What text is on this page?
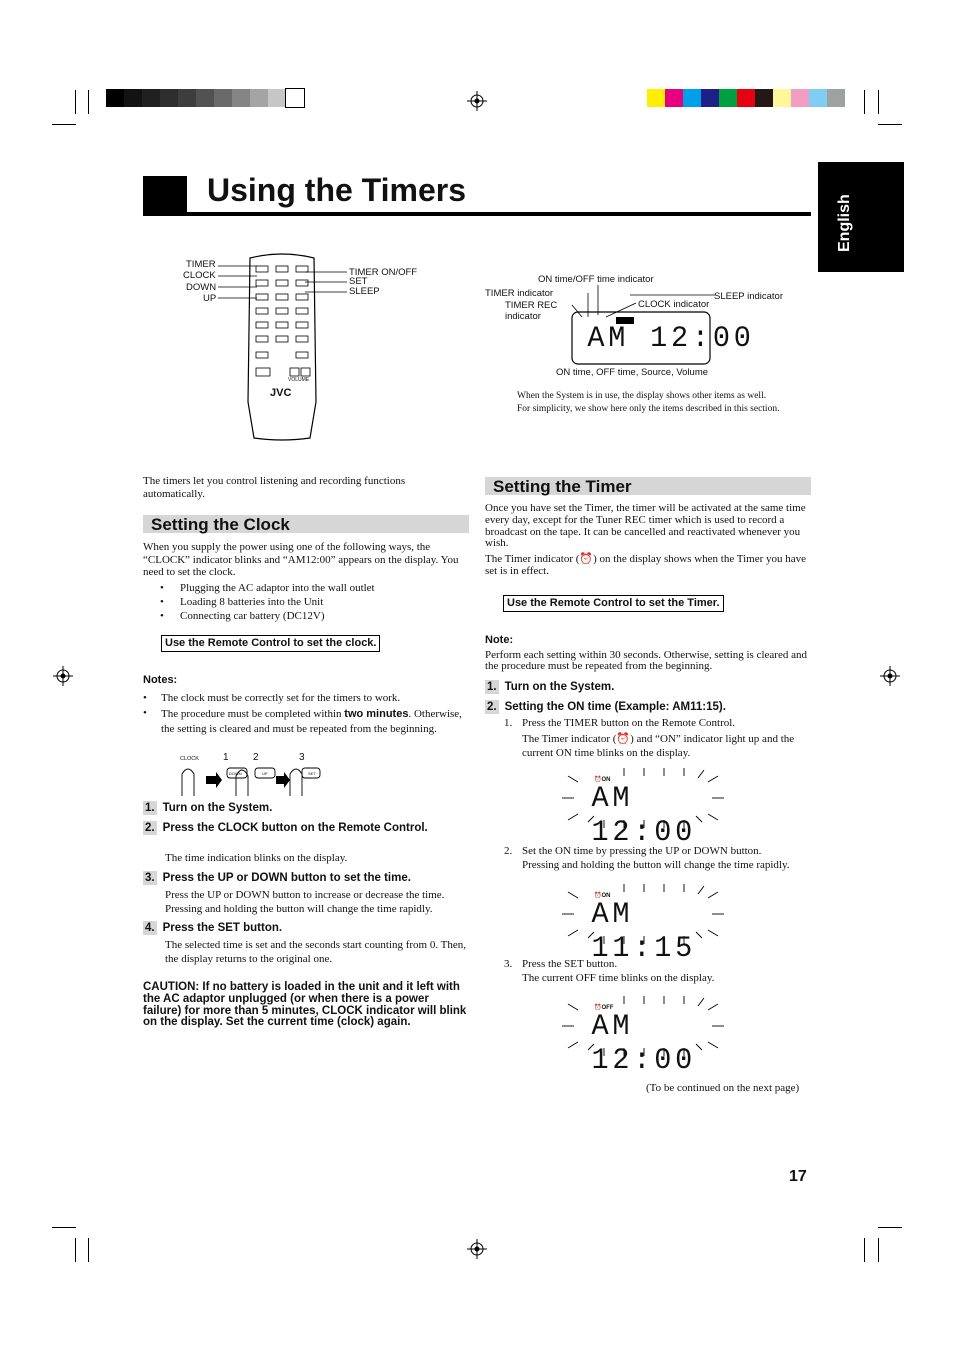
Using the Timers
English
JVC
VOLUME
TIMER
CLOCK
DOWN
UP
TIMER ON/OFF
SET
SLEEP
ON time/OFF time indicator
TIMER indicator
TIMER REC
indicator
CLOCK indicator
SLEEP indicator
AM 12:00
ON time, OFF time, Source, Volume
When the System is in use, the display shows other items as well.
For simplicity, we show here only the items described in this section.
The timers let you control listening and recording functions automatically.
Setting the Clock
When you supply the power using one of the following ways, the “CLOCK” indicator blinks and “AM12:00” appears on the display. You need to set the clock.
• Plugging the AC adaptor into the wall outlet
• Loading 8 batteries into the Unit
• Connecting car battery (DC12V)
Use the Remote Control to set the clock.
Notes:
• The clock must be correctly set for the timers to work.
• The procedure must be completed within two minutes. Otherwise, the setting is cleared and must be repeated from the beginning.
CLOCK 1 2	3
DOWN	UP	SET
1. Turn on the System.
2. Press the CLOCK button on the Remote Control.
The time indication blinks on the display.
3. Press the UP or DOWN button to set the time.
Press the UP or DOWN button to increase or decrease the time. Pressing and holding the button will change the time rapidly.
4. Press the SET button.
The selected time is set and the seconds start counting from 0. Then, the display returns to the original one.
CAUTION: If no battery is loaded in the unit and it left with the AC adaptor unplugged (or when there is a power failure) for more than 5 minutes, CLOCK indicator will blink on the display. Set the current time (clock) again.
Setting the Timer
Once you have set the Timer, the timer will be activated at the same time every day, except for the Tuner REC timer which is used to record a broadcast on the tape. It can be cancelled and reactivated whenever you wish.
The Timer indicator (⏰) on the display shows when the Timer you have set is in effect.
Use the Remote Control to set the Timer.
Note:
Perform each setting within 30 seconds. Otherwise, setting is cleared and the procedure must be repeated from the beginning.
1. Turn on the System.
2. Setting the ON time (Example: AM11:15).
1. Press the TIMER button on the Remote Control.
The Timer indicator (⏰) and “ON” indicator light up and the current ON time blinks on the display.
⏰ON
AM 12:00
2. Set the ON time by pressing the UP or DOWN button.
Pressing and holding the button will change the time rapidly.
⏰ON
AM 11:15
3. Press the SET button.
The current OFF time blinks on the display.
⏰OFF
AM 12:00
(To be continued on the next page)
17
